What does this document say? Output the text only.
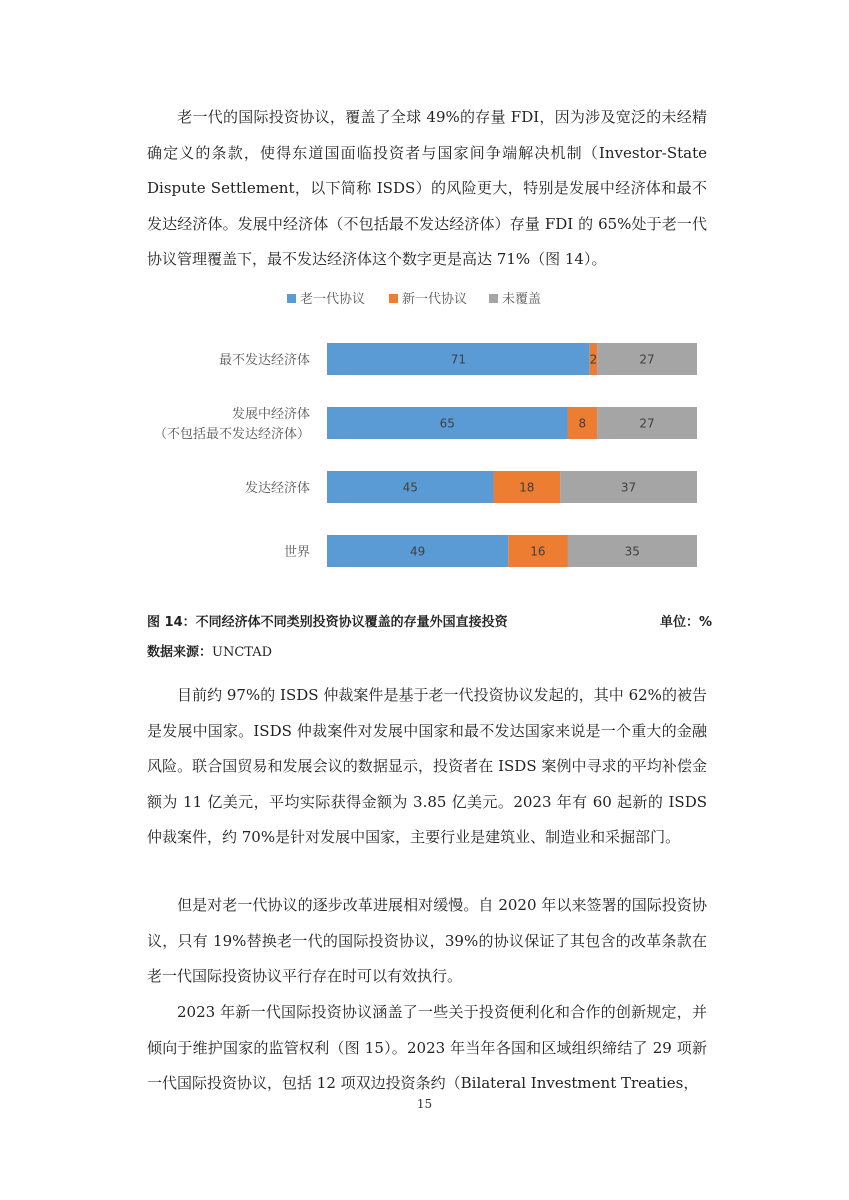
老一代的国际投资协议，覆盖了全球 49%的存量 FDI，因为涉及宽泛的未经精确定义的条款，使得东道国面临投资者与国家间争端解决机制（Investor-State Dispute Settlement，以下简称 ISDS）的风险更大，特别是发展中经济体和最不发达经济体。发展中经济体（不包括最不发达经济体）存量 FDI 的 65%处于老一代协议管理覆盖下，最不发达经济体这个数字更是高达 71%（图 14）。

老一代协议	新一代协议	未覆盖
71	2	27
65	8	27
45	18	37
49	16	35
最不发达经济体
发展中经济体
（不包括最不发达经济体）
发达经济体
世界
图 14：不同经济体不同类别投资协议覆盖的存量外国直接投资	单位：%
数据来源：UNCTAD

目前约 97%的 ISDS 仲裁案件是基于老一代投资协议发起的，其中 62%的被告是发展中国家。ISDS 仲裁案件对发展中国家和最不发达国家来说是一个重大的金融风险。联合国贸易和发展会议的数据显示，投资者在 ISDS 案例中寻求的平均补偿金额为 11 亿美元，平均实际获得金额为 3.85 亿美元。2023 年有 60 起新的 ISDS 仲裁案件，约 70%是针对发展中国家，主要行业是建筑业、制造业和采掘部门。

但是对老一代协议的逐步改革进展相对缓慢。自 2020 年以来签署的国际投资协议，只有 19%替换老一代的国际投资协议，39%的协议保证了其包含的改革条款在老一代国际投资协议平行存在时可以有效执行。

2023 年新一代国际投资协议涵盖了一些关于投资便利化和合作的创新规定，并倾向于维护国家的监管权利（图 15）。2023 年当年各国和区域组织缔结了 29 项新一代国际投资协议，包括 12 项双边投资条约（Bilateral Investment Treaties，

15
